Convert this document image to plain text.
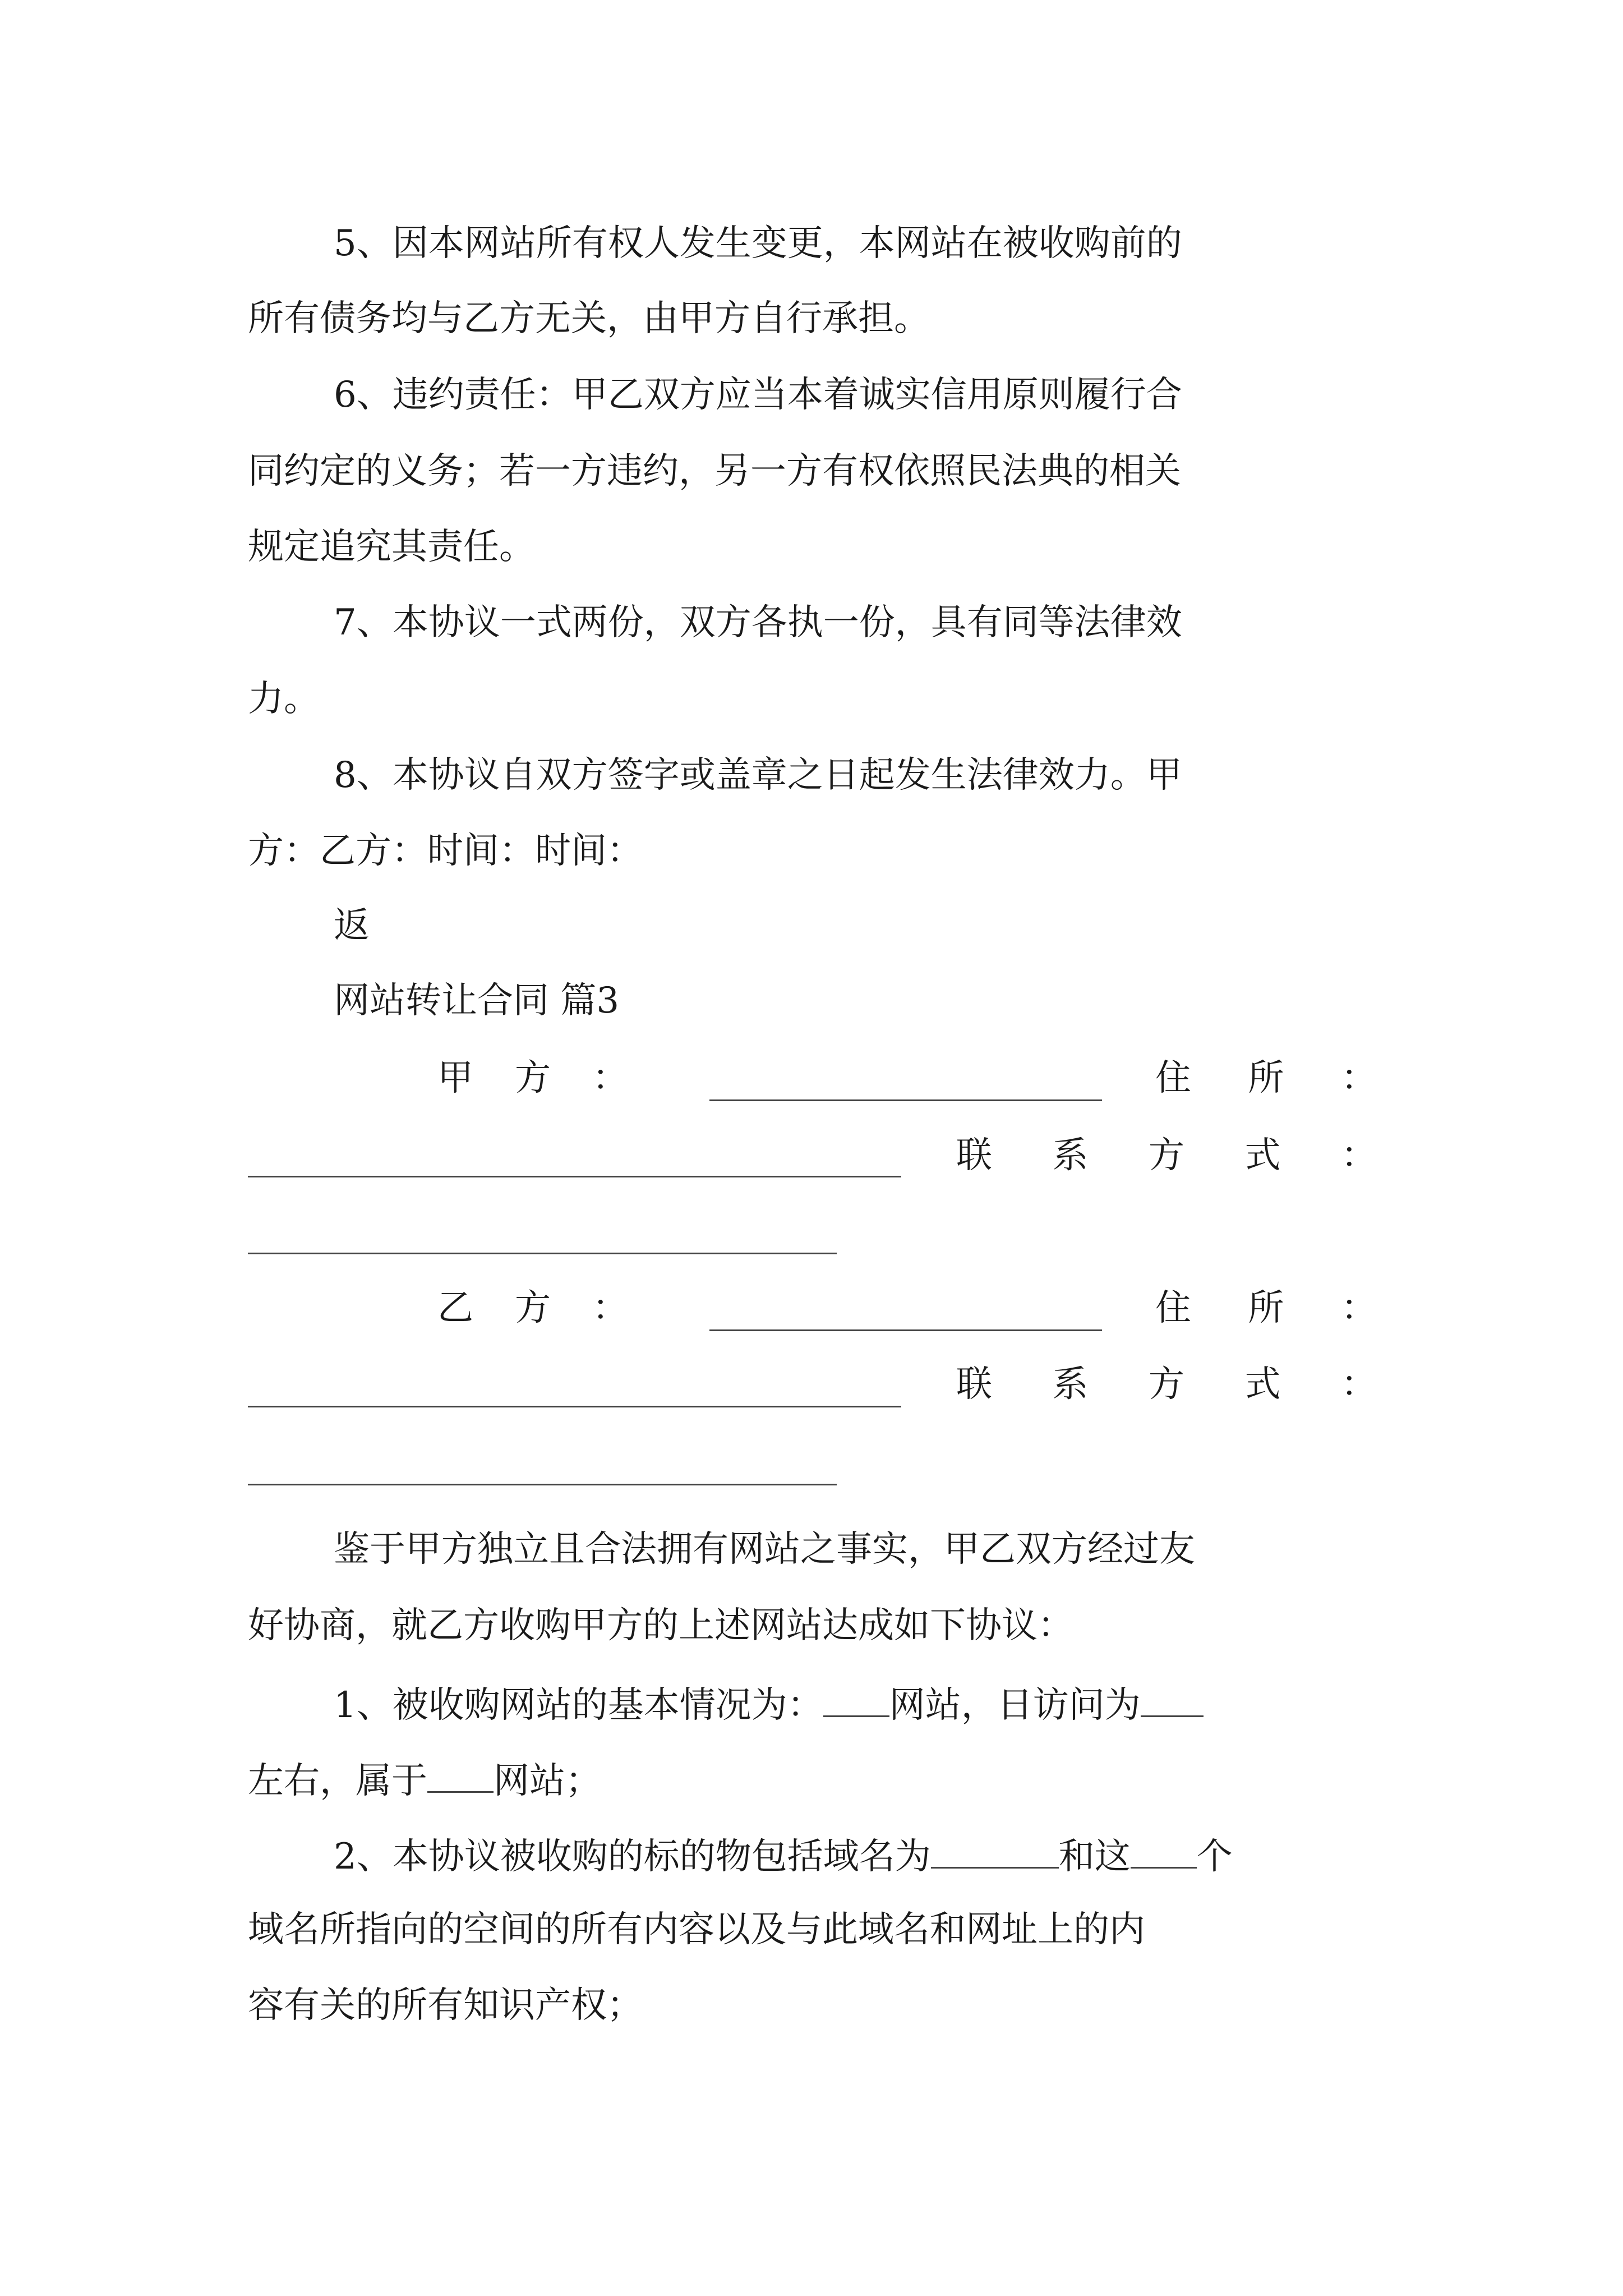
5、因本网站所有权人发生变更，本网站在被收购前的
所有债务均与乙方无关，由甲方自行承担。
6、违约责任：甲乙双方应当本着诚实信用原则履行合
同约定的义务；若一方违约，另一方有权依照民法典的相关
规定追究其责任。
7、本协议一式两份，双方各执一份，具有同等法律效
力。
8、本协议自双方签字或盖章之日起发生法律效力。甲
方：乙方：时间：时间：
返
网站转让合同 篇3
甲 方 ：	住 所 ：
联 系 方 式 ：
乙 方 ：	住 所 ：
联 系 方 式 ：
鉴于甲方独立且合法拥有网站之事实，甲乙双方经过友
好协商，就乙方收购甲方的上述网站达成如下协议：
1、被收购网站的基本情况为： 网站，日访问为
左右，属于 网站；
2、本协议被收购的标的物包括域名为	和这 个
域名所指向的空间的所有内容以及与此域名和网址上的内
容有关的所有知识产权；
